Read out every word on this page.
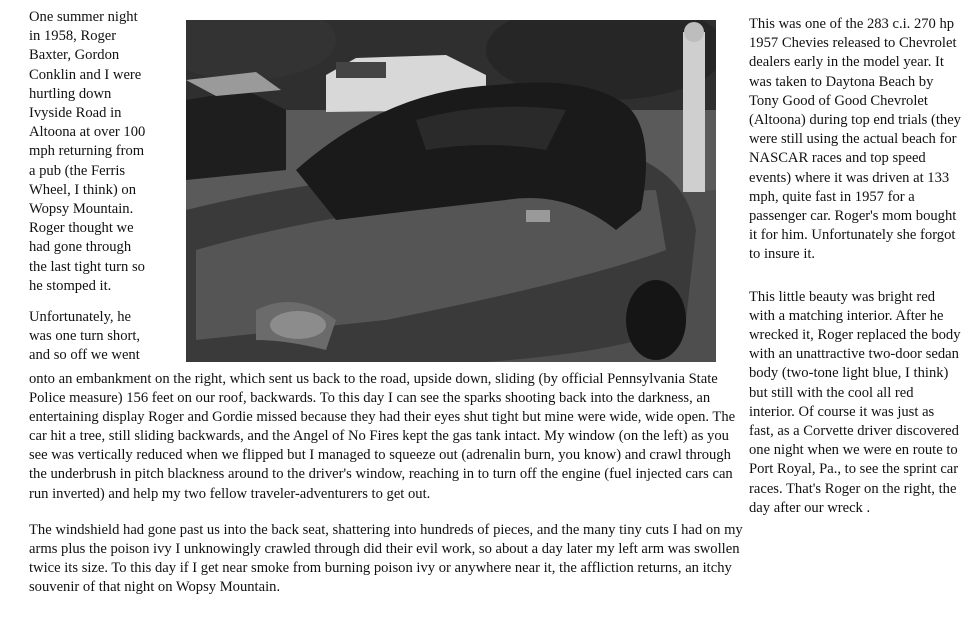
One summer night
in 1958, Roger
Baxter, Gordon
Conklin and I were
hurtling down
Ivyside Road in
Altoona at over 100
mph returning from
a pub (the Ferris
Wheel, I think) on
Wopsy Mountain.
Roger thought we
had gone through
the last tight turn so
he stomped it.

Unfortunately, he
was one turn short,
and so off we went

onto an embankment on the right, which sent us back to the road, upside down, sliding (by official Pennsylvania State Police measure) 156 feet on our roof, backwards. To this day I can see the sparks shooting back into the darkness, an entertaining display Roger and Gordie missed because they had their eyes shut tight but mine were wide, wide open. The car hit a tree, still sliding backwards, and the Angel of No Fires kept the gas tank intact. My window (on the left) as you see was vertically reduced when we flipped but I managed to squeeze out (adrenalin burn, you know) and crawl through the underbrush in pitch blackness around to the driver's window, reaching in to turn off the engine (fuel injected cars can run inverted) and help my two fellow traveler-adventurers to get out.

The windshield had gone past us into the back seat, shattering into hundreds of pieces, and the many tiny cuts I had on my arms plus the poison ivy I unknowingly crawled through did their evil work, so about a day later my left arm was swollen twice its size. To this day if I get near smoke from burning poison ivy or anywhere near it, the affliction returns, an itchy souvenir of that night on Wopsy Mountain.

This was one of the 283 c.i. 270 hp 1957 Chevies released to Chevrolet dealers early in the model year. It was taken to Daytona Beach by Tony Good of Good Chevrolet (Altoona) during top end trials (they were still using the actual beach for NASCAR races and top speed events) where it was driven at 133 mph, quite fast in 1957 for a passenger car. Roger's mom bought it for him. Unfortunately she forgot to insure it.

This little beauty was bright red with a matching interior. After he wrecked it, Roger replaced the body with an unattractive two-door sedan body (two-tone light blue, I think) but still with the cool all red interior. Of course it was just as fast, as a Corvette driver discovered one night when we were en route to Port Royal, Pa., to see the sprint car races. That's Roger on the right, the day after our wreck .
